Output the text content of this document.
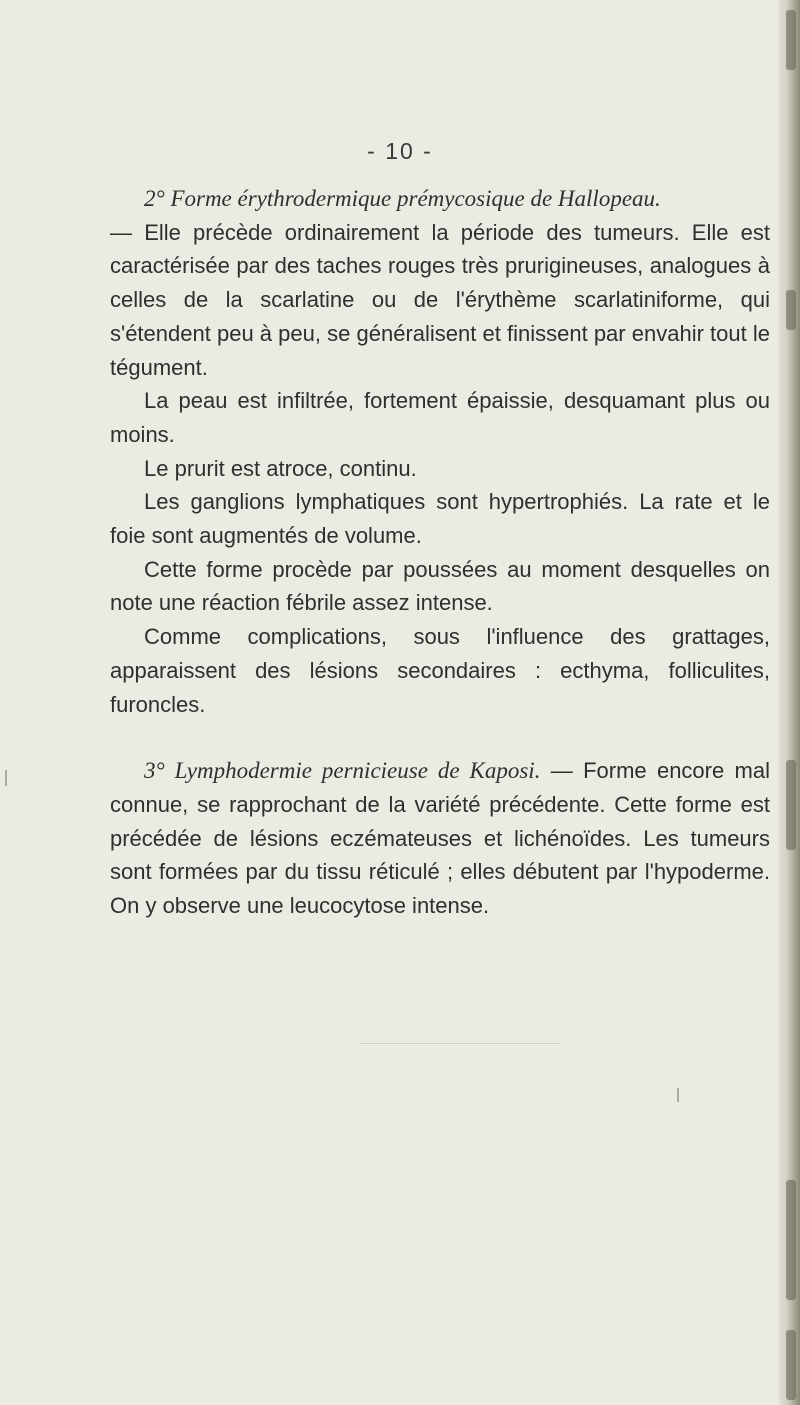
- 10 -

2° Forme érythrodermique prémycosique de Hallopeau.

— Elle précède ordinairement la période des tumeurs. Elle est caractérisée par des taches rouges très prurigineuses, analogues à celles de la scarlatine ou de l'érythème scarlatiniforme, qui s'étendent peu à peu, se généralisent et finissent par envahir tout le tégument.

La peau est infiltrée, fortement épaissie, desquamant plus ou moins.

Le prurit est atroce, continu.

Les ganglions lymphatiques sont hypertrophiés. La rate et le foie sont augmentés de volume.

Cette forme procède par poussées au moment desquelles on note une réaction fébrile assez intense.

Comme complications, sous l'influence des grattages, apparaissent des lésions secondaires : ecthyma, folliculites, furoncles.

3° Lymphodermie pernicieuse de Kaposi. — Forme encore mal connue, se rapprochant de la variété précédente. Cette forme est précédée de lésions eczémateuses et lichénoïdes. Les tumeurs sont formées par du tissu réticulé ; elles débutent par l'hypoderme. On y observe une leucocytose intense.
